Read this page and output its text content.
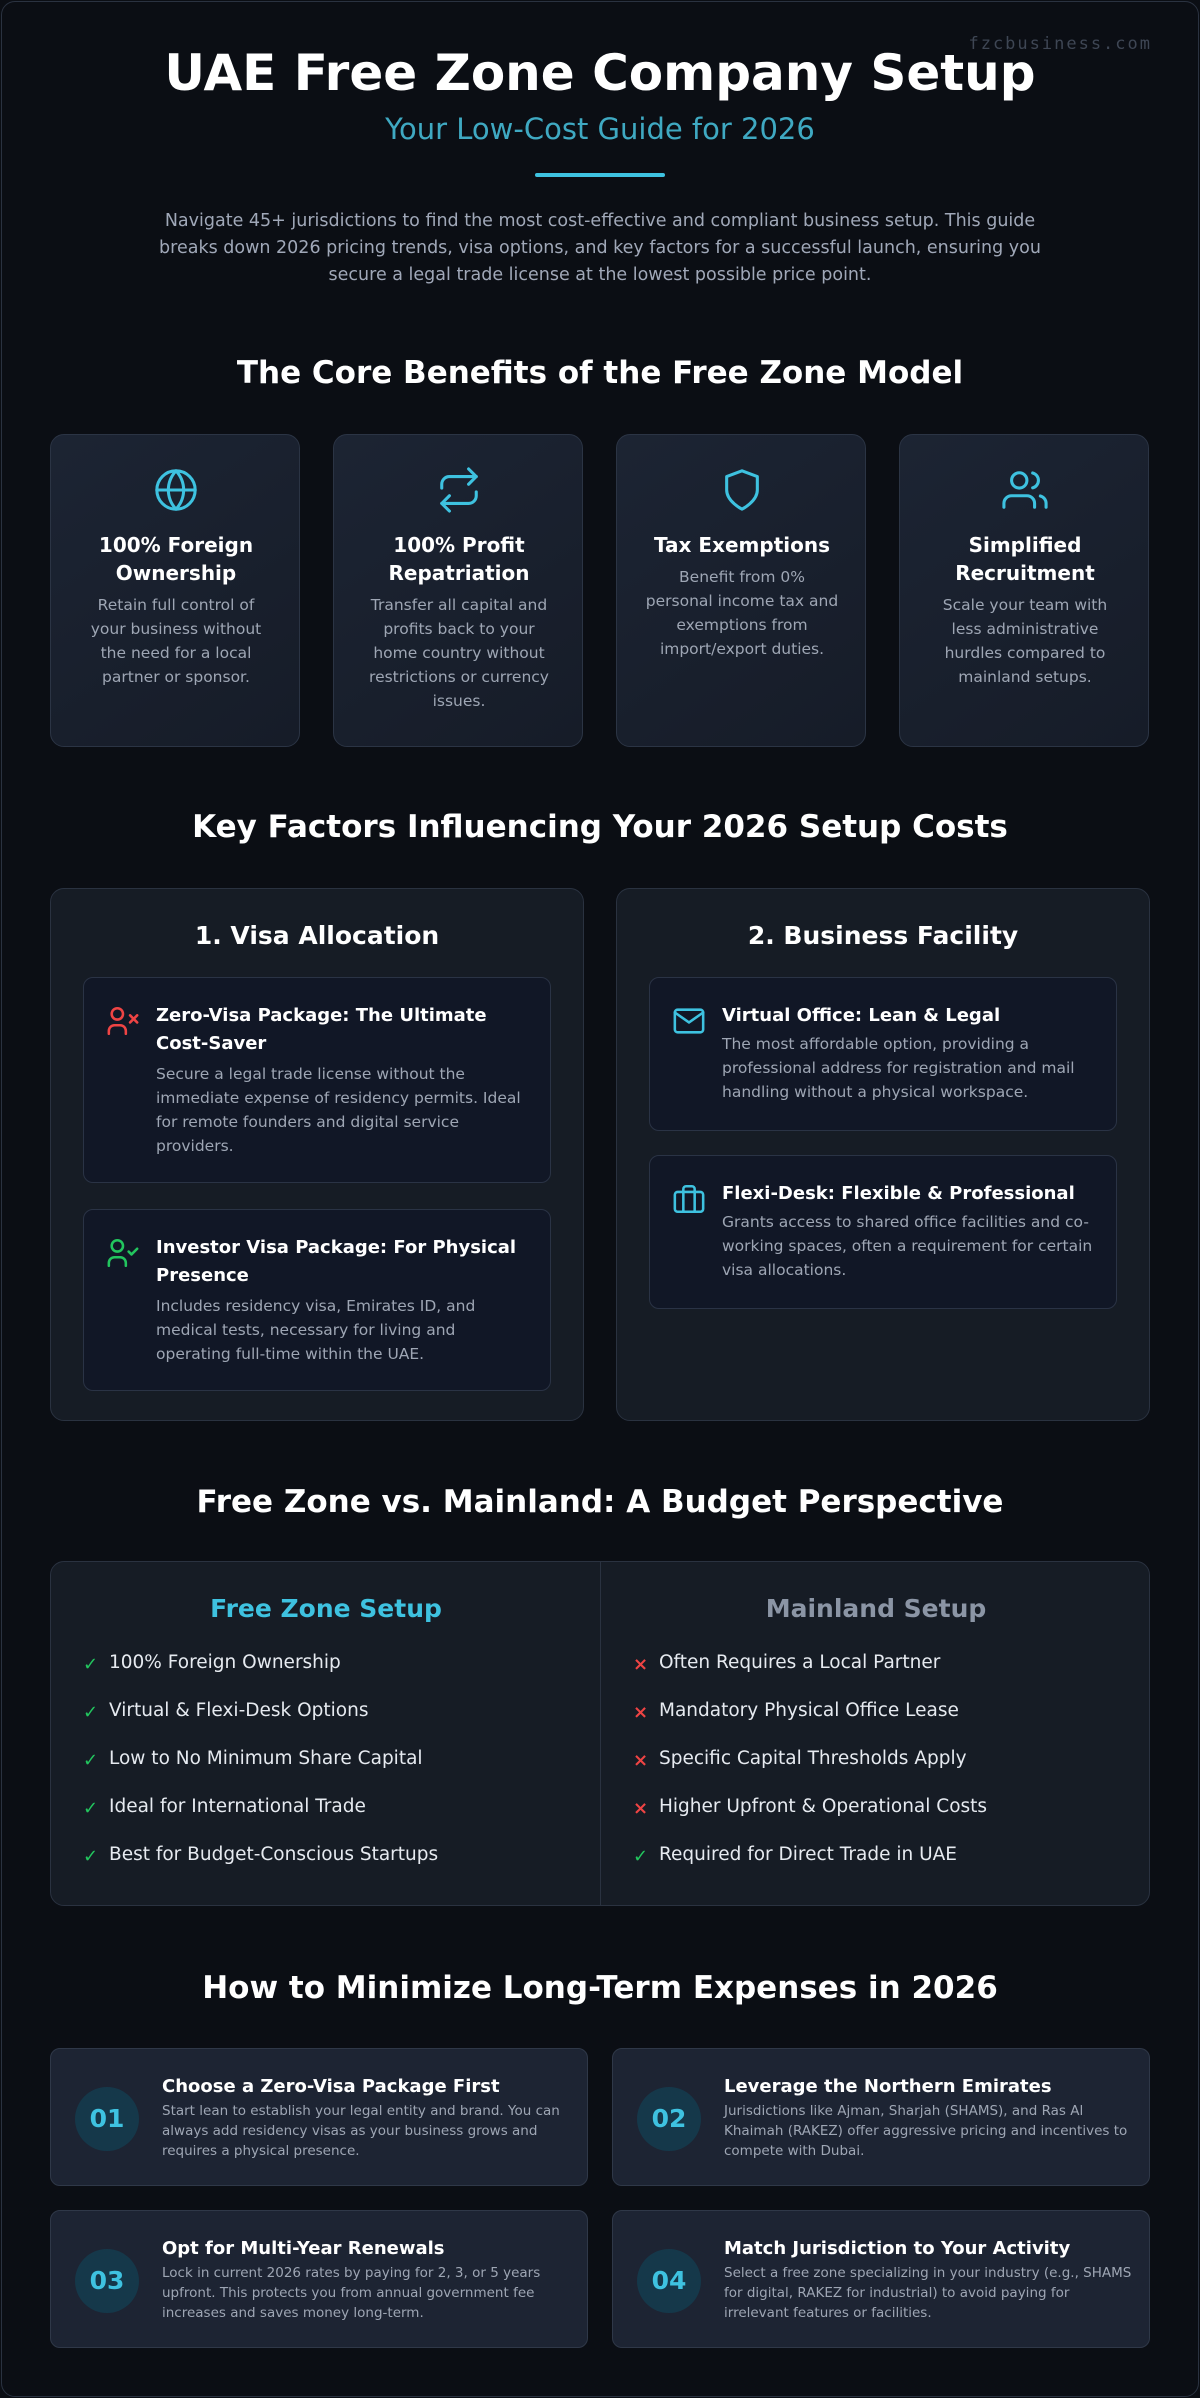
fzcbusiness.com
UAE Free Zone Company Setup
Your Low-Cost Guide for 2026
Navigate 45+ jurisdictions to find the most cost-effective and compliant business setup. This guide breaks down 2026 pricing trends, visa options, and key factors for a successful launch, ensuring you secure a legal trade license at the lowest possible price point.
The Core Benefits of the Free Zone Model
100% Foreign Ownership
Retain full control of your business without the need for a local partner or sponsor.
100% Profit Repatriation
Transfer all capital and profits back to your home country without restrictions or currency issues.
Tax Exemptions
Benefit from 0% personal income tax and exemptions from import/export duties.
Simplified Recruitment
Scale your team with less administrative hurdles compared to mainland setups.
Key Factors Influencing Your 2026 Setup Costs
1. Visa Allocation
Zero-Visa Package: The Ultimate Cost-Saver
Secure a legal trade license without the immediate expense of residency permits. Ideal for remote founders and digital service providers.
Investor Visa Package: For Physical Presence
Includes residency visa, Emirates ID, and medical tests, necessary for living and operating full-time within the UAE.
2. Business Facility
Virtual Office: Lean & Legal
The most affordable option, providing a professional address for registration and mail handling without a physical workspace.
Flexi-Desk: Flexible & Professional
Grants access to shared office facilities and co-working spaces, often a requirement for certain visa allocations.
Free Zone vs. Mainland: A Budget Perspective
Free Zone Setup
✓ 100% Foreign Ownership
✓ Virtual & Flexi-Desk Options
✓ Low to No Minimum Share Capital
✓ Ideal for International Trade
✓ Best for Budget-Conscious Startups
Mainland Setup
× Often Requires a Local Partner
× Mandatory Physical Office Lease
× Specific Capital Thresholds Apply
× Higher Upfront & Operational Costs
✓ Required for Direct Trade in UAE
How to Minimize Long-Term Expenses in 2026
01
Choose a Zero-Visa Package First
Start lean to establish your legal entity and brand. You can always add residency visas as your business grows and requires a physical presence.
02
Leverage the Northern Emirates
Jurisdictions like Ajman, Sharjah (SHAMS), and Ras Al Khaimah (RAKEZ) offer aggressive pricing and incentives to compete with Dubai.
03
Opt for Multi-Year Renewals
Lock in current 2026 rates by paying for 2, 3, or 5 years upfront. This protects you from annual government fee increases and saves money long-term.
04
Match Jurisdiction to Your Activity
Select a free zone specializing in your industry (e.g., SHAMS for digital, RAKEZ for industrial) to avoid paying for irrelevant features or facilities.
